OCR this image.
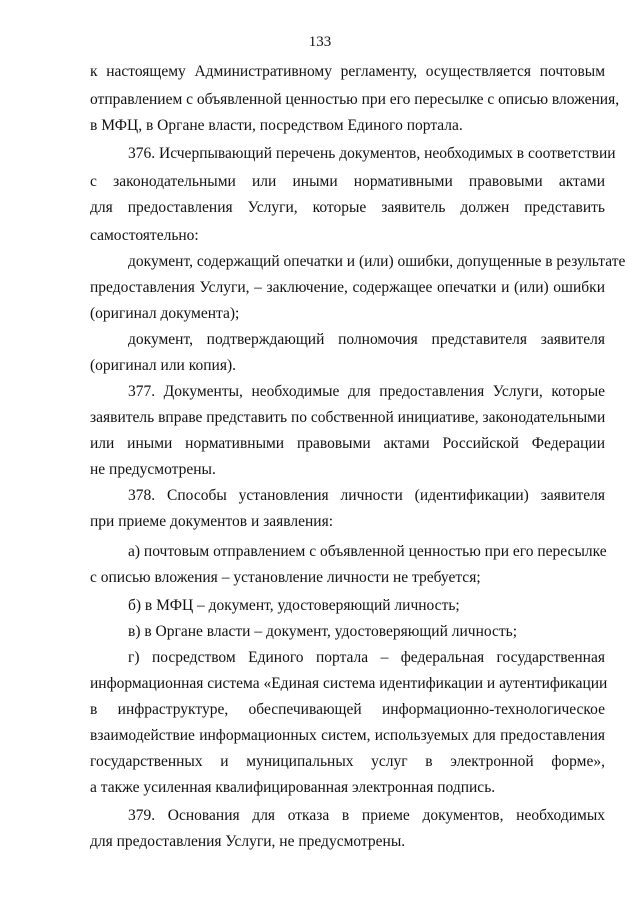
133
к настоящему Административному регламенту, осуществляется почтовым
отправлением с объявленной ценностью при его пересылке с описью вложения,
в МФЦ, в Органе власти, посредством Единого портала.
376. Исчерпывающий перечень документов, необходимых в соответствии
с законодательными или иными нормативными правовыми актами
для предоставления Услуги, которые заявитель должен представить
самостоятельно:
документ, содержащий опечатки и (или) ошибки, допущенные в результате
предоставления Услуги, – заключение, содержащее опечатки и (или) ошибки
(оригинал документа);
документ, подтверждающий полномочия представителя заявителя
(оригинал или копия).
377. Документы, необходимые для предоставления Услуги, которые
заявитель вправе представить по собственной инициативе, законодательными
или иными нормативными правовыми актами Российской Федерации
не предусмотрены.
378. Способы установления личности (идентификации) заявителя
при приеме документов и заявления:
а) почтовым отправлением с объявленной ценностью при его пересылке
с описью вложения – установление личности не требуется;
б) в МФЦ – документ, удостоверяющий личность;
в) в Органе власти – документ, удостоверяющий личность;
г) посредством Единого портала – федеральная государственная
информационная система «Единая система идентификации и аутентификации
в инфраструктуре, обеспечивающей информационно-технологическое
взаимодействие информационных систем, используемых для предоставления
государственных и муниципальных услуг в электронной форме»,
а также усиленная квалифицированная электронная подпись.
379. Основания для отказа в приеме документов, необходимых
для предоставления Услуги, не предусмотрены.
